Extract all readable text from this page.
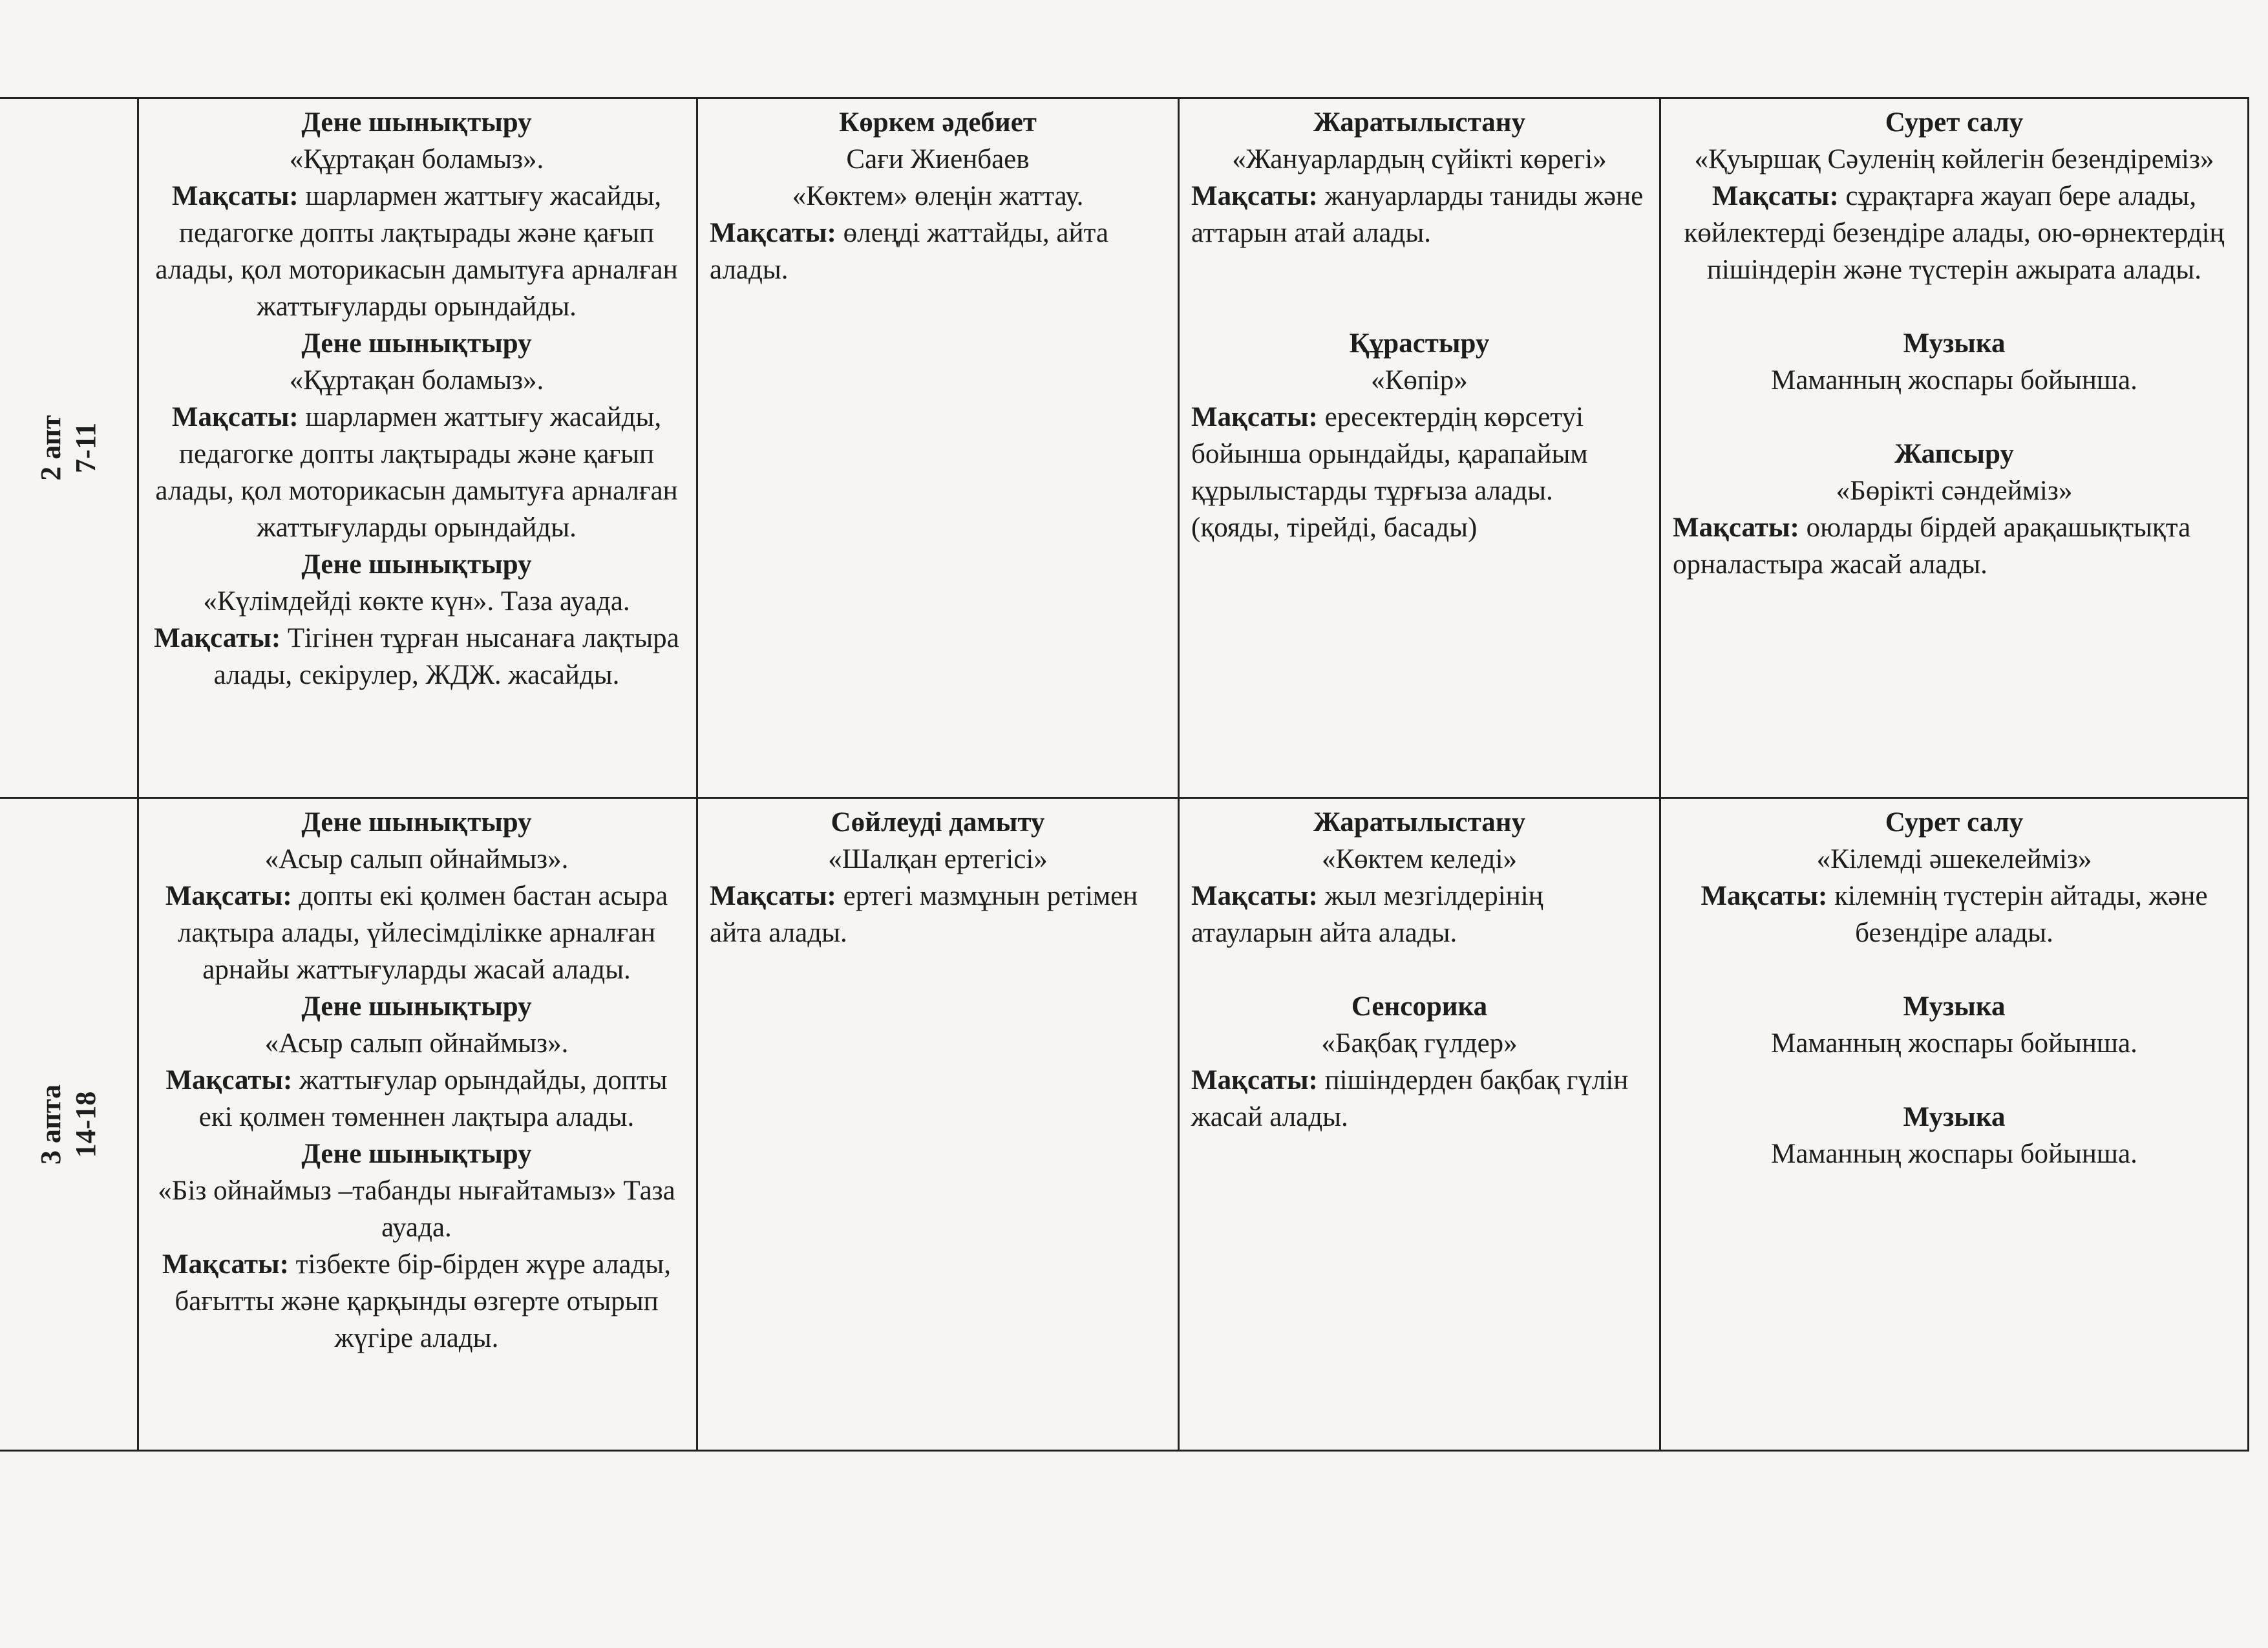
2 апт 7-11
Дене шынықтыру
«Құртақан боламыз».
Мақсаты: шарлармен жаттығу жасайды, педагогке допты лақтырады және қағып алады, қол моторикасын дамытуға арналған жаттығуларды орындайды.
Дене шынықтыру
«Құртақан боламыз».
Мақсаты: шарлармен жаттығу жасайды, педагогке допты лақтырады және қағып алады, қол моторикасын дамытуға арналған жаттығуларды орындайды.
Дене шынықтыру
«Күлімдейді көкте күн». Таза ауада.
Мақсаты: Тігінен тұрған нысанаға лақтыра алады, секірулер, ЖДЖ. жасайды.
Көркем әдебиет
Сағи Жиенбаев
«Көктем» өлеңін жаттау.
Мақсаты: өлеңді жаттайды, айта алады.
Жаратылыстану
«Жануарлардың сүйікті көрегі»
Мақсаты: жануарларды таниды және аттарын атай алады.
Құрастыру
«Көпір»
Мақсаты: ересектердің көрсетуі бойынша орындайды, қарапайым құрылыстарды тұрғыза алады. (қояды, тірейді, басады)
Сурет салу
«Қуыршақ Сәуленің көйлегін безендіреміз»
Мақсаты: сұрақтарға жауап бере алады, көйлектерді безендіре алады, ою-өрнектердің пішіндерін және түстерін ажырата алады.
Музыка
Маманның жоспары бойынша.
Жапсыру
«Бөрікті сәндейміз»
Мақсаты: оюларды бірдей арақашықтықта орналастыра жасай алады.
3 апта 14-18
Дене шынықтыру
«Асыр салып ойнаймыз».
Мақсаты: допты екі қолмен бастан асыра лақтыра алады, үйлесімділікке арналған арнайы жаттығуларды жасай алады.
Дене шынықтыру
«Асыр салып ойнаймыз».
Мақсаты: жаттығулар орындайды, допты екі қолмен төменнен лақтыра алады.
Дене шынықтыру
«Біз ойнаймыз –табанды нығайтамыз» Таза ауада.
Мақсаты: тізбекте бір-бірден жүре алады, бағытты және қарқынды өзгерте отырып жүгіре алады.
Сөйлеуді дамыту
«Шалқан ертегісі»
Мақсаты: ертегі мазмұнын ретімен айта алады.
Жаратылыстану
«Көктем келеді»
Мақсаты: жыл мезгілдерінің атауларын айта алады.
Сенсорика
«Бақбақ гүлдер»
Мақсаты: пішіндерден бақбақ гүлін жасай алады.
Сурет салу
«Кілемді әшекелейміз»
Мақсаты: кілемнің түстерін айтады, және безендіре алады.
Музыка
Маманның жоспары бойынша.
Музыка
Маманның жоспары бойынша.
